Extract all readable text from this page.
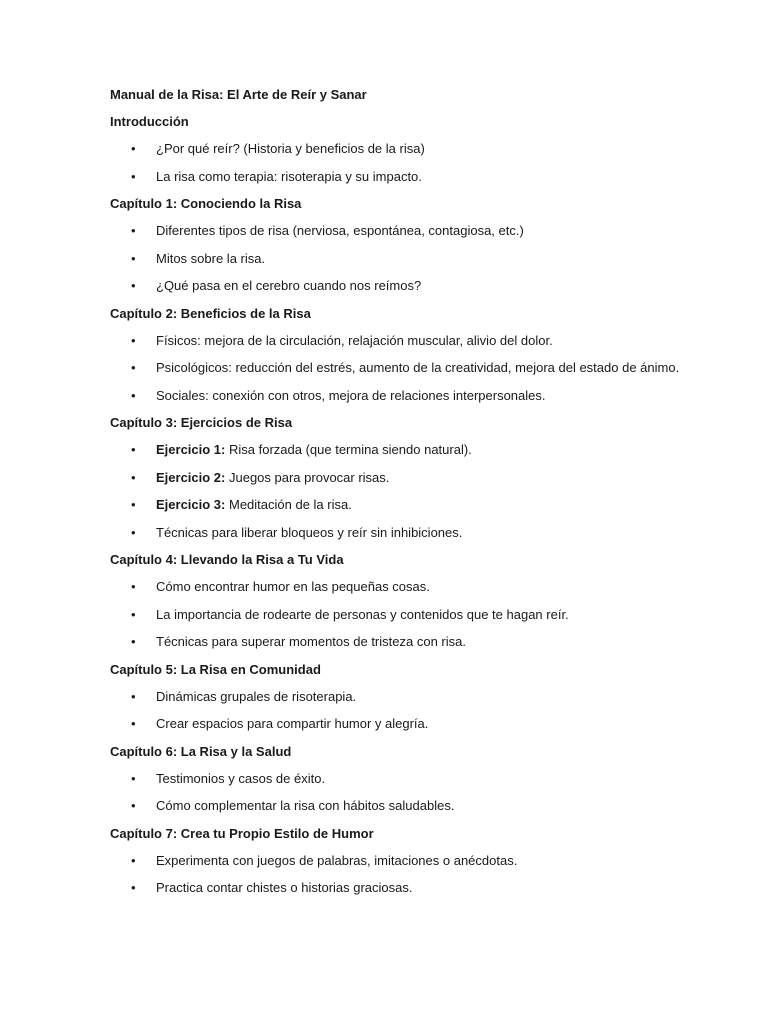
Manual de la Risa: El Arte de Reír y Sanar
Introducción
• ¿Por qué reír? (Historia y beneficios de la risa)
• La risa como terapia: risoterapia y su impacto.
Capítulo 1: Conociendo la Risa
• Diferentes tipos de risa (nerviosa, espontánea, contagiosa, etc.)
• Mitos sobre la risa.
• ¿Qué pasa en el cerebro cuando nos reímos?
Capítulo 2: Beneficios de la Risa
• Físicos: mejora de la circulación, relajación muscular, alivio del dolor.
• Psicológicos: reducción del estrés, aumento de la creatividad, mejora del estado de ánimo.
• Sociales: conexión con otros, mejora de relaciones interpersonales.
Capítulo 3: Ejercicios de Risa
• Ejercicio 1: Risa forzada (que termina siendo natural).
• Ejercicio 2: Juegos para provocar risas.
• Ejercicio 3: Meditación de la risa.
• Técnicas para liberar bloqueos y reír sin inhibiciones.
Capítulo 4: Llevando la Risa a Tu Vida
• Cómo encontrar humor en las pequeñas cosas.
• La importancia de rodearte de personas y contenidos que te hagan reír.
• Técnicas para superar momentos de tristeza con risa.
Capítulo 5: La Risa en Comunidad
• Dinámicas grupales de risoterapia.
• Crear espacios para compartir humor y alegría.
Capítulo 6: La Risa y la Salud
• Testimonios y casos de éxito.
• Cómo complementar la risa con hábitos saludables.
Capítulo 7: Crea tu Propio Estilo de Humor
• Experimenta con juegos de palabras, imitaciones o anécdotas.
• Practica contar chistes o historias graciosas.
